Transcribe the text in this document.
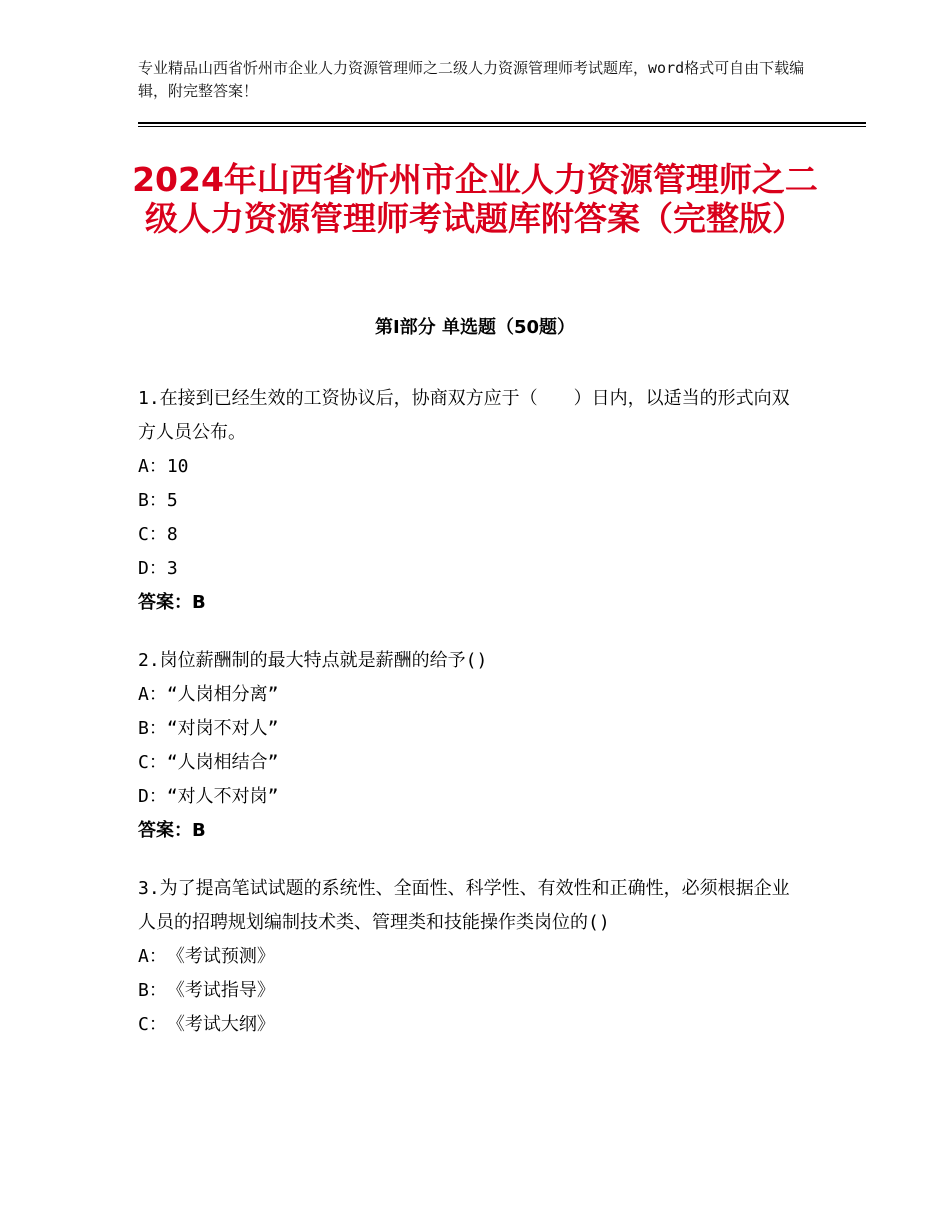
专业精品山西省忻州市企业人力资源管理师之二级人力资源管理师考试题库，word格式可自由下载编辑，附完整答案！
2024年山西省忻州市企业人力资源管理师之二级人力资源管理师考试题库附答案（完整版）
第Ⅰ部分 单选题（50题）
1.在接到已经生效的工资协议后，协商双方应于（　　）日内，以适当的形式向双方人员公布。
A： 10
B： 5
C： 8
D： 3
答案：B
2.岗位薪酬制的最大特点就是薪酬的给予()
A： “人岗相分离”
B： “对岗不对人”
C： “人岗相结合”
D： “对人不对岗”
答案：B
3.为了提高笔试试题的系统性、全面性、科学性、有效性和正确性，必须根据企业人员的招聘规划编制技术类、管理类和技能操作类岗位的()
A： 《考试预测》
B： 《考试指导》
C： 《考试大纲》
